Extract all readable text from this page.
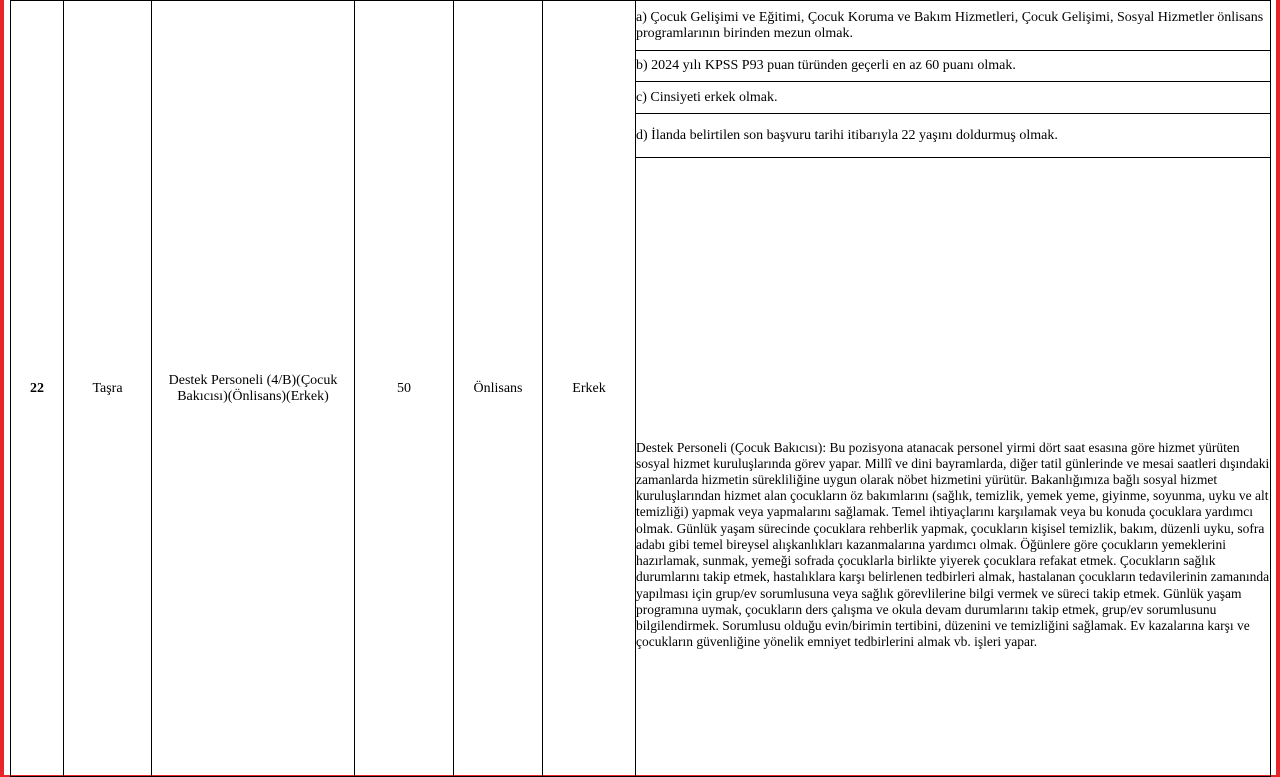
22	Taşra	Destek Personeli (4/B)(Çocuk Bakıcısı)(Önlisans)(Erkek)	50	Önlisans	Erkek	a) Çocuk Gelişimi ve Eğitimi, Çocuk Koruma ve Bakım Hizmetleri, Çocuk Gelişimi, Sosyal Hizmetler önlisans programlarının birinden mezun olmak.
b) 2024 yılı KPSS P93 puan türünden geçerli en az 60 puanı olmak.
c) Cinsiyeti erkek olmak.
d) İlanda belirtilen son başvuru tarihi itibarıyla 22 yaşını doldurmuş olmak.

Destek Personeli (Çocuk Bakıcısı): Bu pozisyona atanacak personel yirmi dört saat esasına göre hizmet yürüten sosyal hizmet kuruluşlarında görev yapar. Millî ve dini bayramlarda, diğer tatil günlerinde ve mesai saatleri dışındaki zamanlarda hizmetin sürekliliğine uygun olarak nöbet hizmetini yürütür. Bakanlığımıza bağlı sosyal hizmet kuruluşlarından hizmet alan çocukların öz bakımlarını (sağlık, temizlik, yemek yeme, giyinme, soyunma, uyku ve alt temizliği) yapmak veya yapmalarını sağlamak. Temel ihtiyaçlarını karşılamak veya bu konuda çocuklara yardımcı olmak. Günlük yaşam sürecinde çocuklara rehberlik yapmak, çocukların kişisel temizlik, bakım, düzenli uyku, sofra adabı gibi temel bireysel alışkanlıkları kazanmalarına yardımcı olmak. Öğünlere göre çocukların yemeklerini hazırlamak, sunmak, yemeği sofrada çocuklarla birlikte yiyerek çocuklara refakat etmek. Çocukların sağlık durumlarını takip etmek, hastalıklara karşı belirlenen tedbirleri almak, hastalanan çocukların tedavilerinin zamanında yapılması için grup/ev sorumlusuna veya sağlık görevlilerine bilgi vermek ve süreci takip etmek. Günlük yaşam programına uymak, çocukların ders çalışma ve okula devam durumlarını takip etmek, grup/ev sorumlusunu bilgilendirmek. Sorumlusu olduğu evin/birimin tertibini, düzenini ve temizliğini sağlamak. Ev kazalarına karşı ve çocukların güvenliğine yönelik emniyet tedbirlerini almak vb. işleri yapar.
